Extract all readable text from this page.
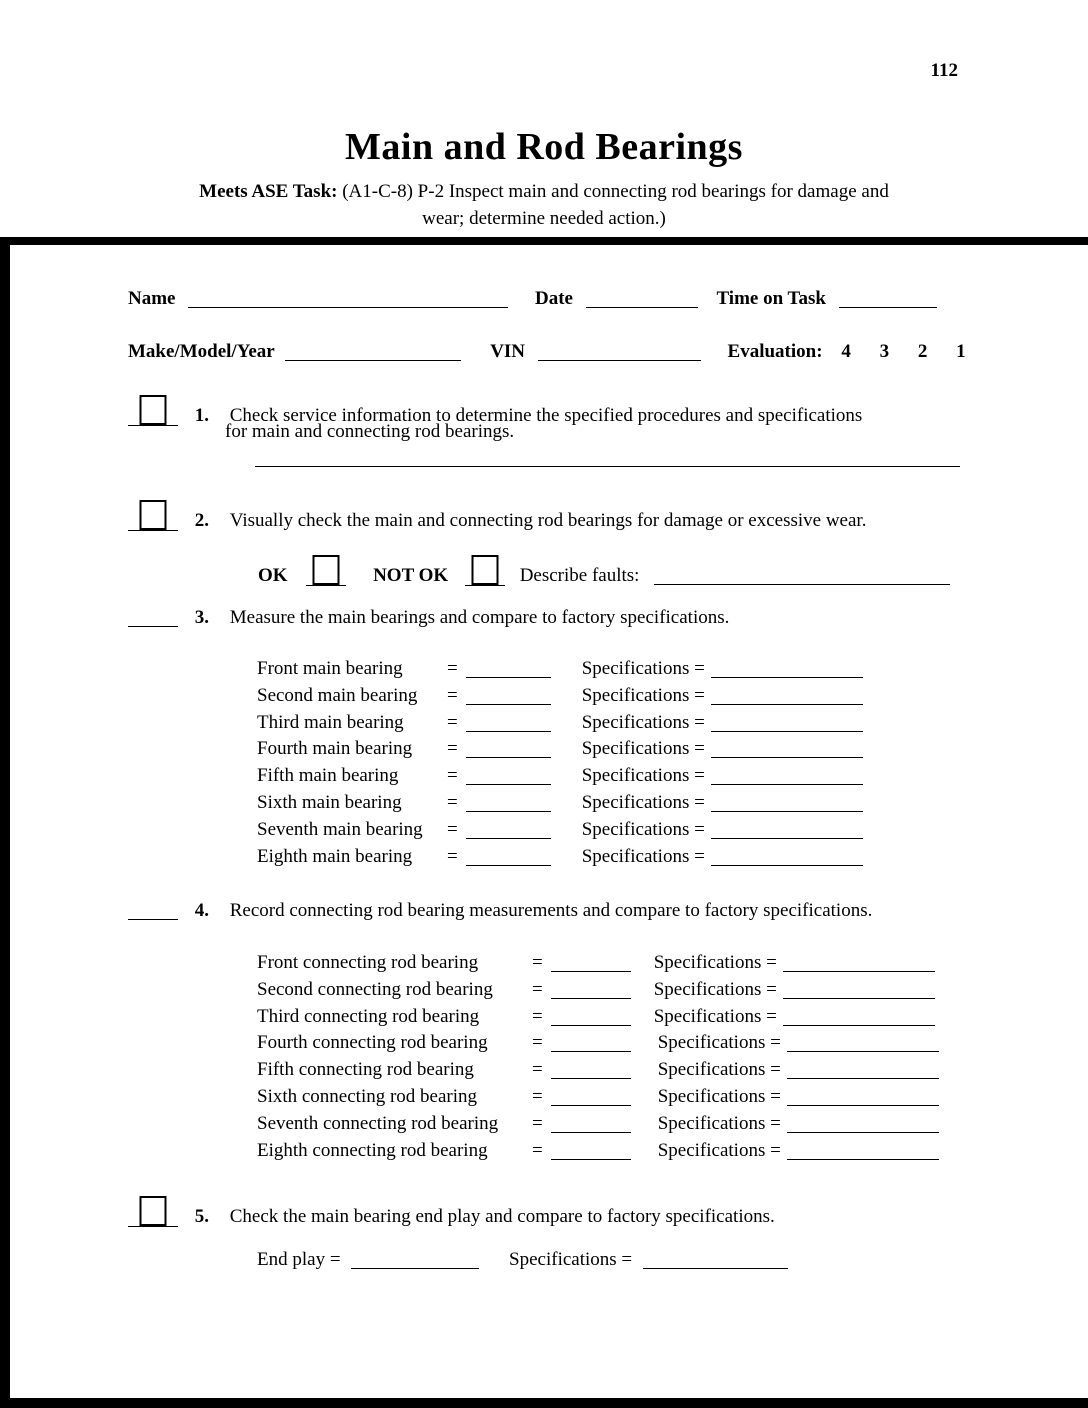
112
Main and Rod Bearings
Meets ASE Task: (A1-C-8) P-2 Inspect main and connecting rod bearings for damage and
wear; determine needed action.)
Name	Date	Time on Task
Make/Model/Year	VIN	Evaluation: 4 3 2 1
1. Check service information to determine the specified procedures and specifications
for main and connecting rod bearings.
2. Visually check the main and connecting rod bearings for damage or excessive wear.
OK	NOT OK	Describe faults:
3. Measure the main bearings and compare to factory specifications.
Front main bearing =	Specifications =
Second main bearing =	Specifications =
Third main bearing =	Specifications =
Fourth main bearing =	Specifications =
Fifth main bearing	=	Specifications =
Sixth main bearing =	Specifications =
Seventh main bearing =	Specifications =
Eighth main bearing =	Specifications =
4. Record connecting rod bearing measurements and compare to factory specifications.
Front connecting rod bearing	=	Specifications =
Second connecting rod bearing =	Specifications =
Third connecting rod bearing	=	Specifications =
Fourth connecting rod bearing =	Specifications =
Fifth connecting rod bearing	=	Specifications =
Sixth connecting rod bearing	=	Specifications =
Seventh connecting rod bearing =	Specifications =
Eighth connecting rod bearing =	Specifications =
5. Check the main bearing end play and compare to factory specifications.
End play =	Specifications =
